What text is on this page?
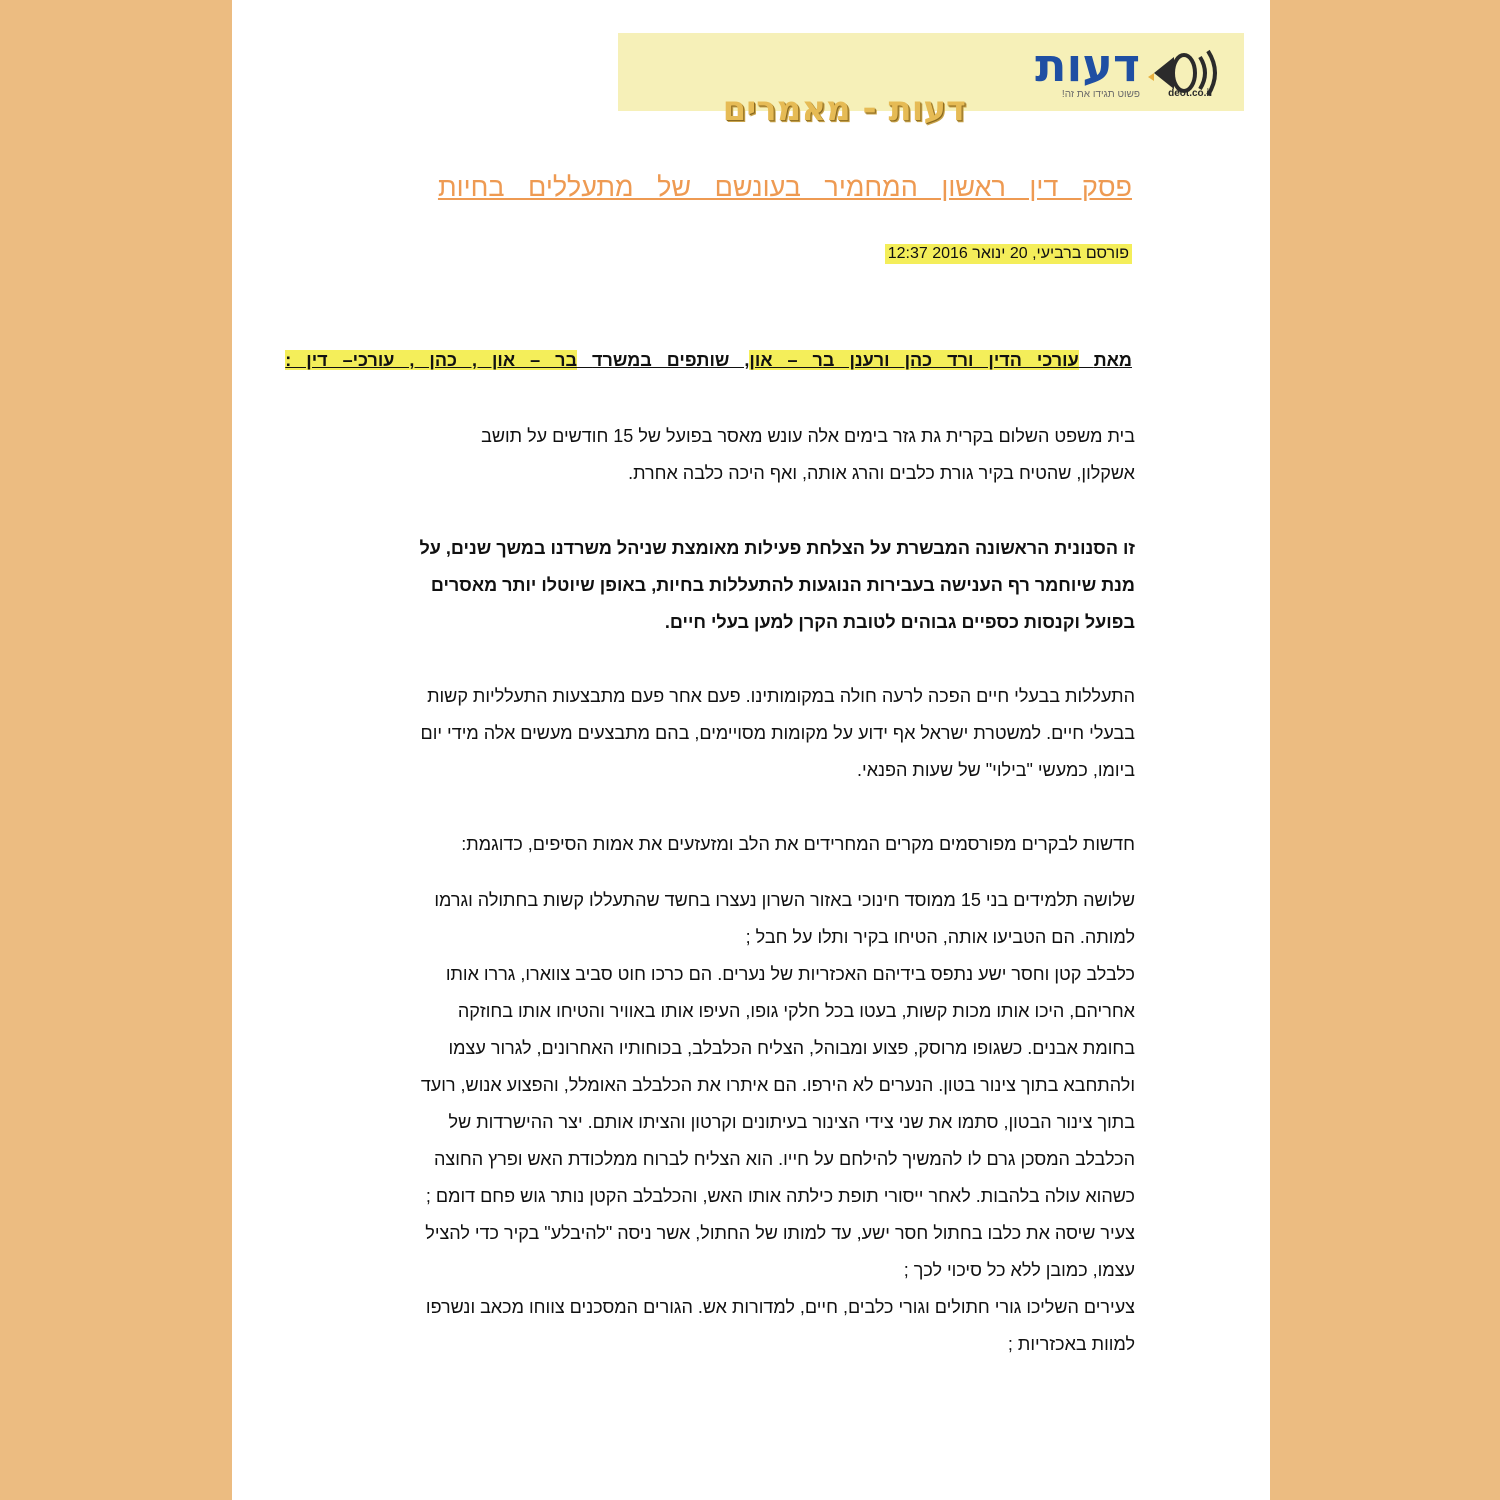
deot.co.il
דעות
פשוט תגידו את זה!
דעות - מאמרים
פסק דין ראשון המחמיר בעונשם של מתעללים בחיות
פורסם ברביעי, 20 ינואר 2016 12:37
מאת עורכי הדין ורד כהן ורענן בר – און, שותפים במשרד בר – און , כהן , עורכי– דין :
בית משפט השלום בקרית גת גזר בימים אלה עונש מאסר בפועל של 15 חודשים על תושב
אשקלון, שהטיח בקיר גורת כלבים והרג אותה, ואף היכה כלבה אחרת.
זו הסנונית הראשונה המבשרת על הצלחת פעילות מאומצת שניהל משרדנו במשך שנים, על
מנת שיוחמר רף הענישה בעבירות הנוגעות להתעללות בחיות, באופן שיוטלו יותר מאסרים
בפועל וקנסות כספיים גבוהים לטובת הקרן למען בעלי חיים.
התעללות בבעלי חיים הפכה לרעה חולה במקומותינו. פעם אחר פעם מתבצעות התעלליות קשות
בבעלי חיים. למשטרת ישראל אף ידוע על מקומות מסויימים, בהם מתבצעים מעשים אלה מידי יום
ביומו, כמעשי "בילוי" של שעות הפנאי.
חדשות לבקרים מפורסמים מקרים המחרידים את הלב ומזעזעים את אמות הסיפים, כדוגמת:
שלושה תלמידים בני 15 ממוסד חינוכי באזור השרון נעצרו בחשד שהתעללו קשות בחתולה וגרמו
למותה. הם הטביעו אותה, הטיחו בקיר ותלו על חבל ;
כלבלב קטן וחסר ישע נתפס בידיהם האכזריות של נערים. הם כרכו חוט סביב צווארו, גררו אותו
אחריהם, היכו אותו מכות קשות, בעטו בכל חלקי גופו, העיפו אותו באוויר והטיחו אותו בחוזקה
בחומת אבנים. כשגופו מרוסק, פצוע ומבוהל, הצליח הכלבלב, בכוחותיו האחרונים, לגרור עצמו
ולהתחבא בתוך צינור בטון. הנערים לא הירפו. הם איתרו את הכלבלב האומלל, והפצוע אנוש, רועד
בתוך צינור הבטון, סתמו את שני צידי הצינור בעיתונים וקרטון והציתו אותם. יצר ההישרדות של
הכלבלב המסכן גרם לו להמשיך להילחם על חייו. הוא הצליח לברוח ממלכודת האש ופרץ החוצה
כשהוא עולה בלהבות. לאחר ייסורי תופת כילתה אותו האש, והכלבלב הקטן נותר גוש פחם דומם ;
צעיר שיסה את כלבו בחתול חסר ישע, עד למותו של החתול, אשר ניסה "להיבלע" בקיר כדי להציל
עצמו, כמובן ללא כל סיכוי לכך ;
צעירים השליכו גורי חתולים וגורי כלבים, חיים, למדורות אש. הגורים המסכנים צווחו מכאב ונשרפו
למוות באכזריות ;
